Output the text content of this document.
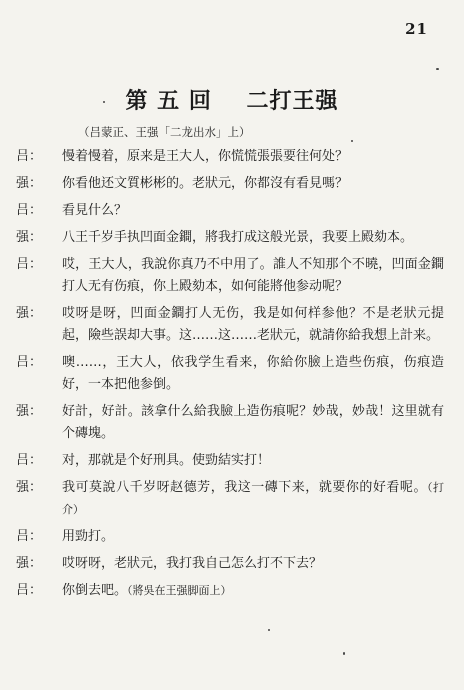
21
第 五 回    二打王强
（吕蒙正、王强「二龙出水」上）
吕：	慢着慢着，原来是王大人，你慌慌張張要往何处？
强：	你看他还文質彬彬的。老狀元，你都沒有看見嗎？
吕：	看見什么？
强：	八王千岁手执凹面金鐧，將我打成这般光景，我要上殿劾本。
吕：	哎，王大人，我說你真乃不中用了。誰人不知那个不曉，凹面金鐧打人无有伤痕，你上殿劾本，如何能將他参动呢？
强：	哎呀是呀，凹面金鐧打人无伤，我是如何样参他？不是老狀元提起，險些誤却大事。这……这……老狀元，就請你給我想上計来。
吕：	噢……，王大人，依我学生看来，你給你臉上造些伤痕，伤痕造好，一本把他参倒。
强：	好計，好計。該拿什么給我臉上造伤痕呢？妙哉，妙哉！这里就有个磚塊。
吕：	对，那就是个好刑具。使勁結实打！
强：	我可莫說八千岁呀赵德芳，我这一磚下来，就要你的好看呢。（打介）
吕：	用勁打。
强：	哎呀呀，老狀元，我打我自己怎么打不下去？
吕：	你倒去吧。（將吳在王强脚面上）
